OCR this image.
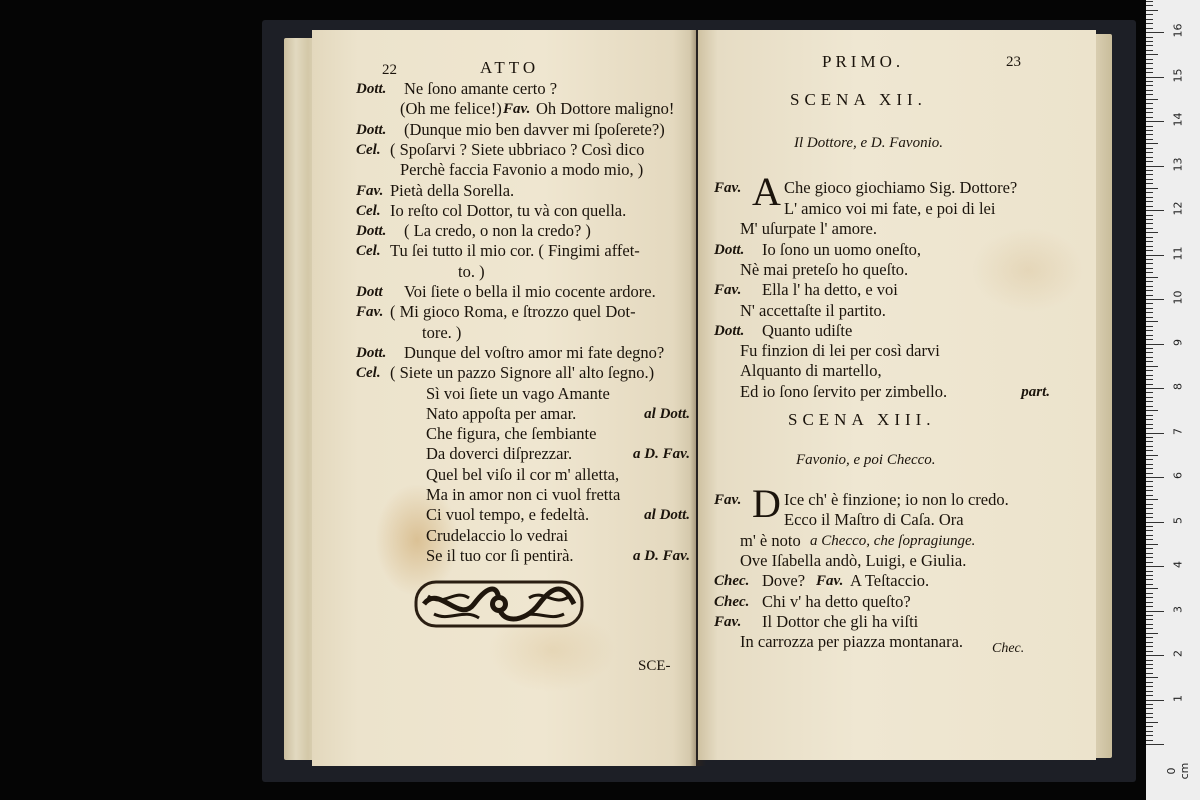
22	ATTO
Dott. Ne ſono amante certo ?
(Oh me felice!) Fav. Oh Dottore maligno!
Dott. (Dunque mio ben davver mi ſpoſerete?)
Cel. ( Spoſarvi ? Siete ubbriaco ? Così dico
Perchè faccia Favonio a modo mio, )
Fav. Pietà della Sorella.
Cel. Io reſto col Dottor, tu và con quella.
Dott. ( La credo, o non la credo? )
Cel. Tu ſei tutto il mio cor. ( Fingimi affet-
to. )
Dott Voi ſiete o bella il mio cocente ardore.
Fav. ( Mi gioco Roma, e ſtrozzo quel Dot-
tore. )
Dott. Dunque del voſtro amor mi fate degno?
Cel. ( Siete un pazzo Signore all' alto ſegno.)
Sì voi ſiete un vago Amante
Nato appoſta per amar.	al Dott.
Che figura, che ſembiante
Da doverci diſprezzar.	a D. Fav.
Quel bel viſo il cor m' alletta,
Ma in amor non ci vuol fretta
Ci vuol tempo, e fedeltà.	al Dott.
Crudelaccio lo vedrai
Se il tuo cor ſi pentirà.	a D. Fav.
SCE-
PRIMO.	23
SCENA XII.
Il Dottore, e D. Favonio.
Fav. A Che gioco giochiamo Sig. Dottore?
L' amico voi mi fate, e poi di lei
M' uſurpate l' amore.
Dott. Io ſono un uomo oneſto,
Nè mai preteſo ho queſto.
Fav. Ella l' ha detto, e voi
N' accettaſte il partito.
Dott. Quanto udiſte
Fu finzion di lei per così darvi
Alquanto di martello,
Ed io ſono ſervito per zimbello.	part.
SCENA XIII.
Favonio, e poi Checco.
Fav. D Ice ch' è finzione; io non lo credo.
Ecco il Maſtro di Caſa. Ora
m' è noto a Checco, che ſopragiunge.
Ove Iſabella andò, Luigi, e Giulia.
Chec. Dove? Fav. A Teſtaccio.
Chec. Chi v' ha detto queſto?
Fav. Il Dottor che gli ha viſti
In carrozza per piazza montanara. Chec.
0 cm
1
2
3
4
5
6
7
8
9
10
11
12
13
14
15
16
